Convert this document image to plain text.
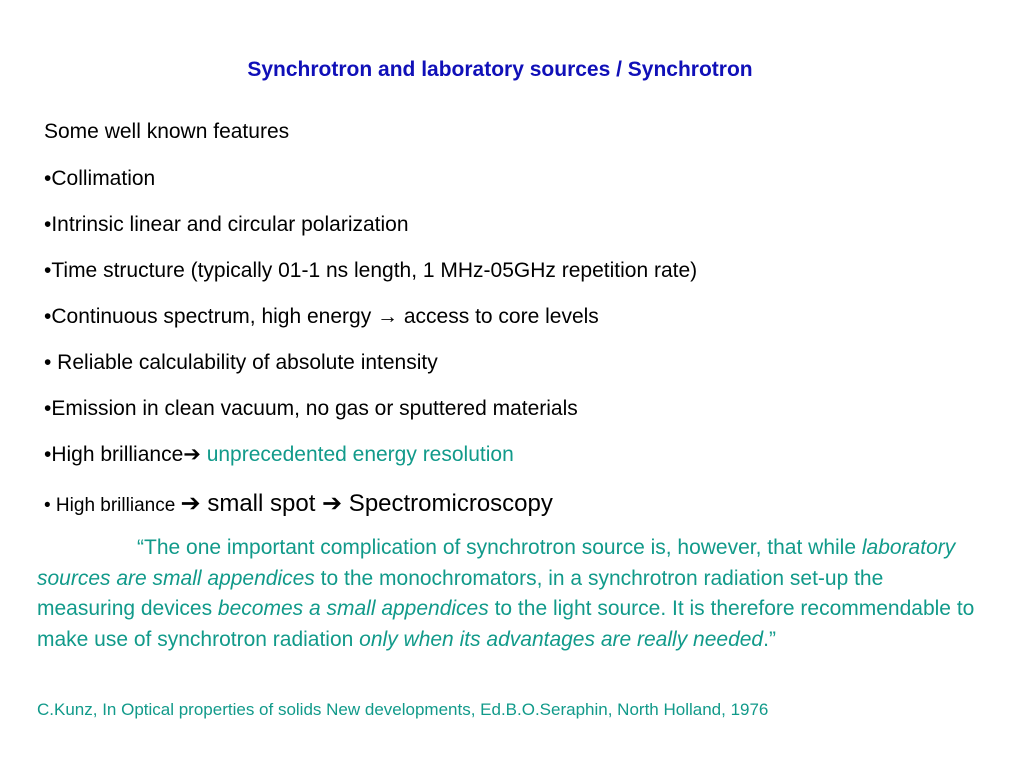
Synchrotron and laboratory sources / Synchrotron
Some well known features
•Collimation
•Intrinsic linear and circular polarization
•Time structure (typically 01-1 ns length, 1 MHz-05GHz repetition rate)
•Continuous spectrum, high energy → access to core levels
• Reliable calculability of absolute intensity
•Emission in clean vacuum, no gas or sputtered materials
•High brilliance➔ unprecedented energy resolution
• High brilliance ➔ small spot ➔ Spectromicroscopy
“The one important complication of synchrotron source is, however, that while laboratory sources are small appendices to the monochromators, in a synchrotron radiation set-up the measuring devices becomes a small appendices to the light source. It is therefore recommendable to make use of synchrotron radiation only when its advantages are really needed.”
C.Kunz, In Optical properties of solids New developments, Ed.B.O.Seraphin, North Holland, 1976
